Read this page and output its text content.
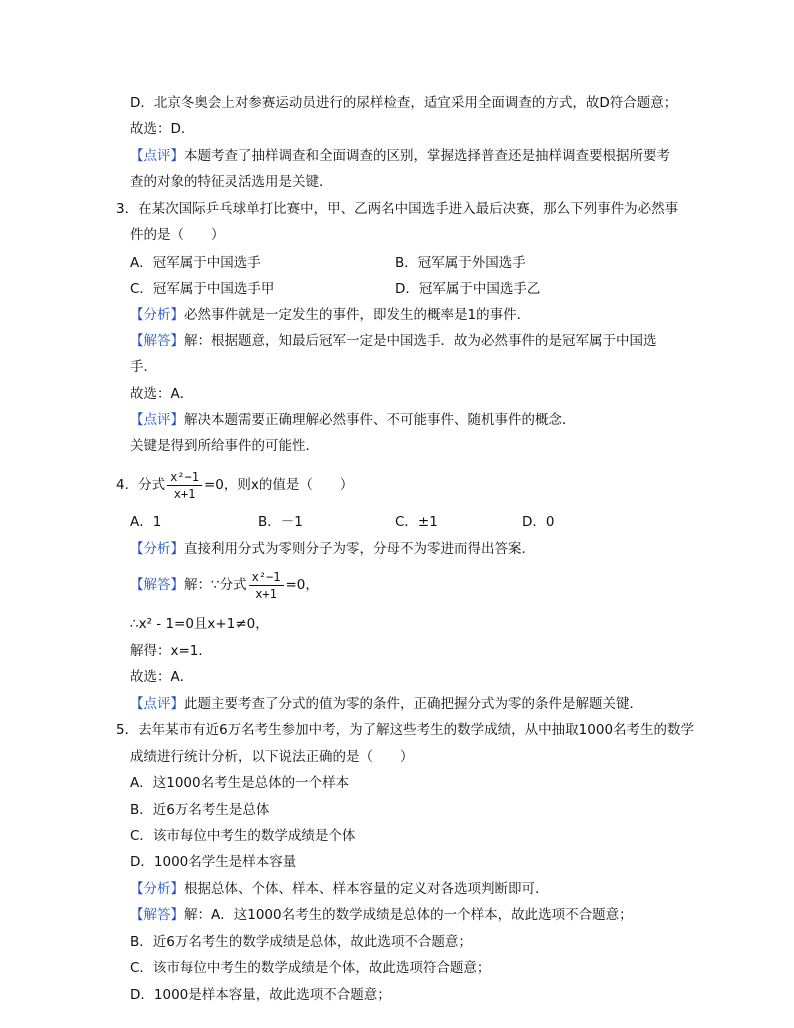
D．北京冬奥会上对参赛运动员进行的尿样检查，适宜采用全面调查的方式，故D符合题意；
故选：D．
【点评】本题考查了抽样调查和全面调查的区别，掌握选择普查还是抽样调查要根据所要考
查的对象的特征灵活选用是关键．
3．在某次国际乒乓球单打比赛中，甲、乙两名中国选手进入最后决赛，那么下列事件为必然事
件的是（　　）
A．冠军属于中国选手	B．冠军属于外国选手
C．冠军属于中国选手甲	D．冠军属于中国选手乙
【分析】必然事件就是一定发生的事件，即发生的概率是1的事件．
【解答】解：根据题意，知最后冠军一定是中国选手．故为必然事件的是冠军属于中国选
手．
故选：A．
【点评】解决本题需要正确理解必然事件、不可能事件、随机事件的概念．
关键是得到所给事件的可能性．
4．分式 $\frac{\text{x²−1}}{x+1} =0$，则x的值是（　　）
A．1	B．－1	C．±1	D．0
【分析】直接利用分式为零则分子为零，分母不为零进而得出答案．
【解答】解：∵分式 $\frac{\text{x²−1}}{x+1} =0$，
∴x² - 1=0且x+1≠0，
解得：x=1．
故选：A．
【点评】此题主要考查了分式的值为零的条件，正确把握分式为零的条件是解题关键．
5．去年某市有近6万名考生参加中考，为了解这些考生的数学成绩，从中抽取1000名考生的数学
成绩进行统计分析，以下说法正确的是（　　）
A．这1000名考生是总体的一个样本
B．近6万名考生是总体
C．该市每位中考生的数学成绩是个体
D．1000名学生是样本容量
【分析】根据总体、个体、样本、样本容量的定义对各选项判断即可．
【解答】解：A．这1000名考生的数学成绩是总体的一个样本，故此选项不合题意；
B．近6万名考生的数学成绩是总体，故此选项不合题意；
C．该市每位中考生的数学成绩是个体，故此选项符合题意；
D．1000是样本容量，故此选项不合题意；
